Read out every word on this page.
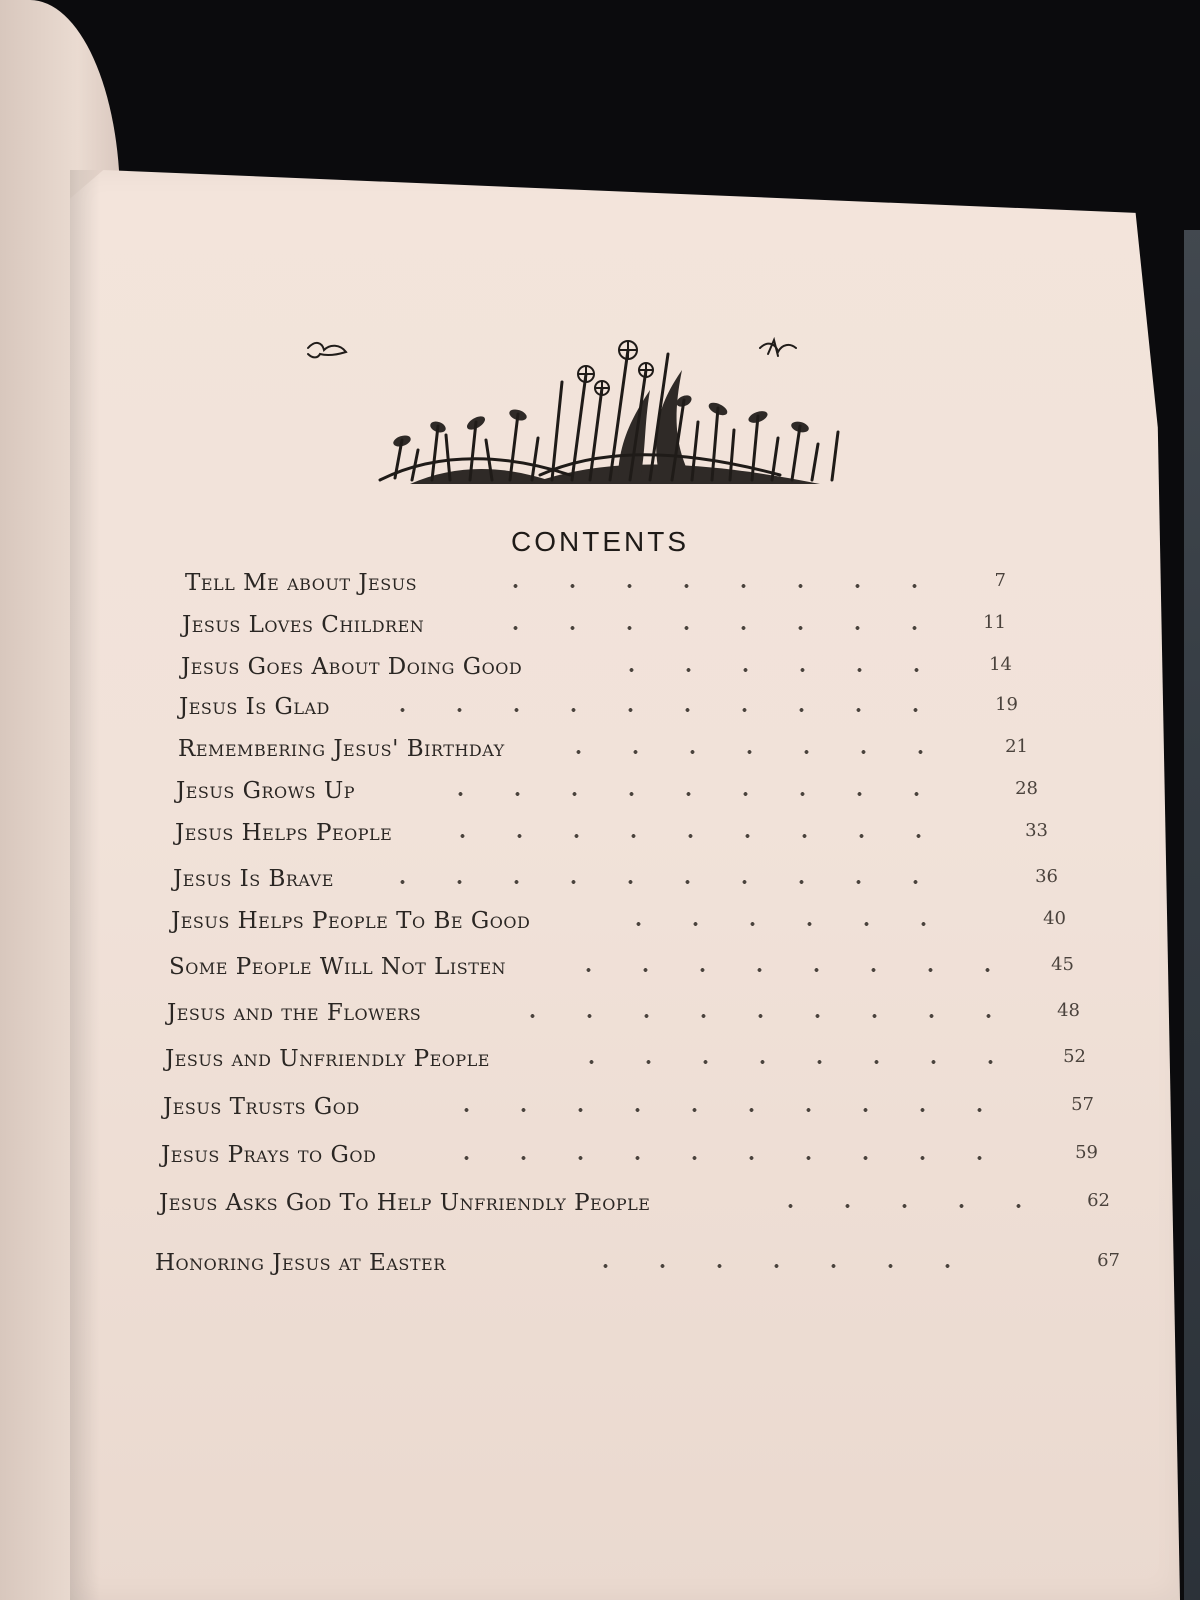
CONTENTS
Tell Me about Jesus	7
Jesus Loves Children	11
Jesus Goes About Doing Good	14
Jesus Is Glad	19
Remembering Jesus' Birthday	21
Jesus Grows Up	28
Jesus Helps People	33
Jesus Is Brave	36
Jesus Helps People To Be Good	40
Some People Will Not Listen	45
Jesus and the Flowers	48
Jesus and Unfriendly People	52
Jesus Trusts God	57
Jesus Prays to God	59
Jesus Asks God To Help Unfriendly People	62
Honoring Jesus at Easter	67
